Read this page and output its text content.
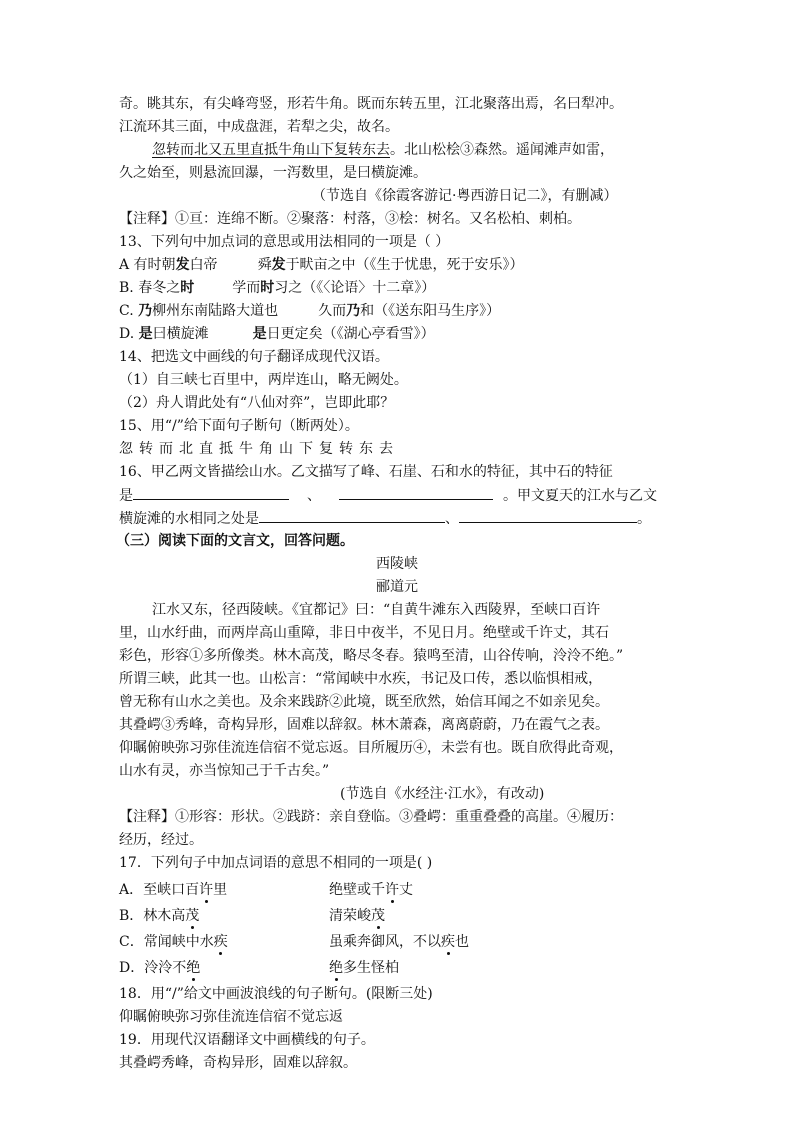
奇。眺其东，有尖峰弯竖，形若牛角。既而东转五里，江北聚落出焉，名曰犁冲。
江流环其三面，中成盘涯，若犁之尖，故名。
忽转而北又五里直抵牛角山下复转东去。北山松桧③森然。遥闻滩声如雷，
久之始至，则悬流回瀑，一泻数里，是曰横旋滩。
（节选自《徐霞客游记·粤西游日记二》，有删减）
【注释】①亘：连绵不断。②聚落：村落，③桧：树名。又名松柏、刺柏。
13、下列句中加点词的意思或用法相同的一项是（ ）
A 有时朝发白帝	舜发于畎亩之中（《生于忧患，死于安乐》）
B. 春冬之时	学而时习之（《〈论语〉十二章》）
C. 乃柳州东南陆路大道也	久而乃和（《送东阳马生序》）
D. 是曰横旋滩	是日更定矣（《湖心亭看雪》）
14、把选文中画线的句子翻译成现代汉语。
（1）自三峡七百里中，两岸连山，略无阙处。
（2）舟人谓此处有“八仙对弈”，岂即此耶？
15、用“/”给下面句子断句（断两处）。
忽转而北直抵牛角山下复转东去
16、甲乙两文皆描绘山水。乙文描写了峰、石崖、石和水的特征，其中石的特征
是	、	。甲文夏天的江水与乙文
横旋滩的水相同之处是	、	。
（三）阅读下面的文言文，回答问题。
西陵峡
郦道元
江水又东，径西陵峡。《宜都记》曰：“自黄牛滩东入西陵界，至峡口百许
里，山水纡曲，而两岸高山重障，非日中夜半，不见日月。绝壁或千许丈，其石
彩色，形容①多所像类。林木高茂，略尽冬春。猿鸣至清，山谷传响，泠泠不绝。”
所谓三峡，此其一也。山松言：“常闻峡中水疾，书记及口传，悉以临惧相戒，
曾无称有山水之美也。及余来践跻②此境，既至欣然，始信耳闻之不如亲见矣。
其叠崿③秀峰，奇构异形，固难以辞叙。林木萧森，离离蔚蔚，乃在霞气之表。
仰瞩俯映弥习弥佳流连信宿不觉忘返。目所履历④，未尝有也。既自欣得此奇观，
山水有灵，亦当惊知己于千古矣。”
(节选自《水经注·江水》，有改动)
【注释】①形容：形状。②践跻：亲自登临。③叠崿：重重叠叠的高崖。④履历：
经历，经过。
17．下列句子中加点词语的意思不相同的一项是( )
A．至峡口百许里	绝壁或千许丈
B．林木高茂	清荣峻茂
C．常闻峡中水疾	虽乘奔御风，不以疾也
D．泠泠不绝	绝多生怪柏
18．用“/”给文中画波浪线的句子断句。(限断三处)
仰瞩俯映弥习弥佳流连信宿不觉忘返
19．用现代汉语翻译文中画横线的句子。
其叠崿秀峰，奇构异形，固难以辞叙。
